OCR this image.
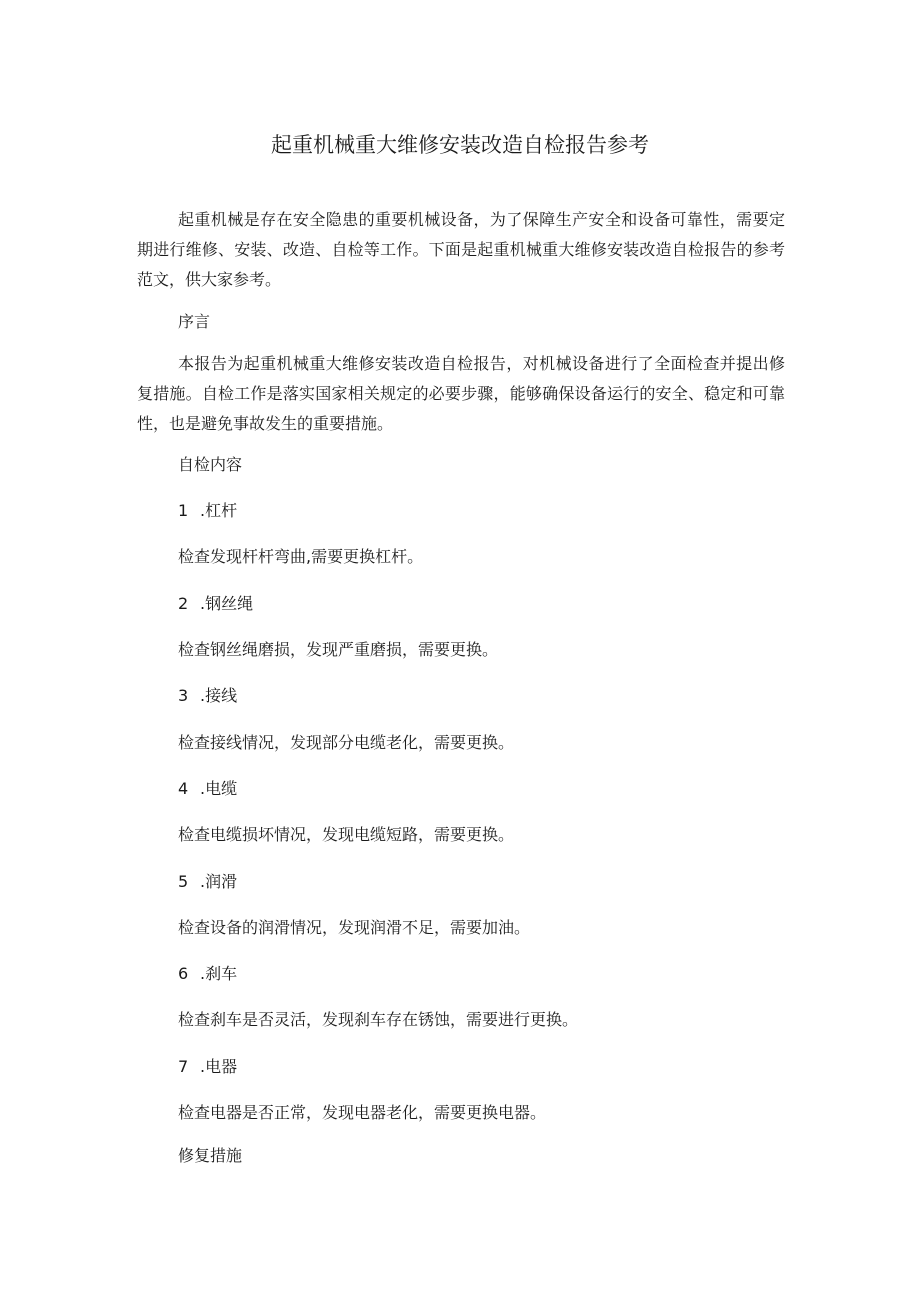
起重机械重大维修安装改造自检报告参考

起重机械是存在安全隐患的重要机械设备，为了保障生产安全和设备可靠性，需要定期进行维修、安装、改造、自检等工作。下面是起重机械重大维修安装改造自检报告的参考范文，供大家参考。

序言

本报告为起重机械重大维修安装改造自检报告，对机械设备进行了全面检查并提出修复措施。自检工作是落实国家相关规定的必要步骤，能够确保设备运行的安全、稳定和可靠性，也是避免事故发生的重要措施。

自检内容

1 .杠杆

检查发现杆杆弯曲,需要更换杠杆。

2 .钢丝绳

检查钢丝绳磨损，发现严重磨损，需要更换。

3 .接线

检查接线情况，发现部分电缆老化，需要更换。

4 .电缆

检查电缆损坏情况，发现电缆短路，需要更换。

5 .润滑

检查设备的润滑情况，发现润滑不足，需要加油。

6 .刹车

检查刹车是否灵活，发现刹车存在锈蚀，需要进行更换。

7 .电器

检查电器是否正常，发现电器老化，需要更换电器。

修复措施
